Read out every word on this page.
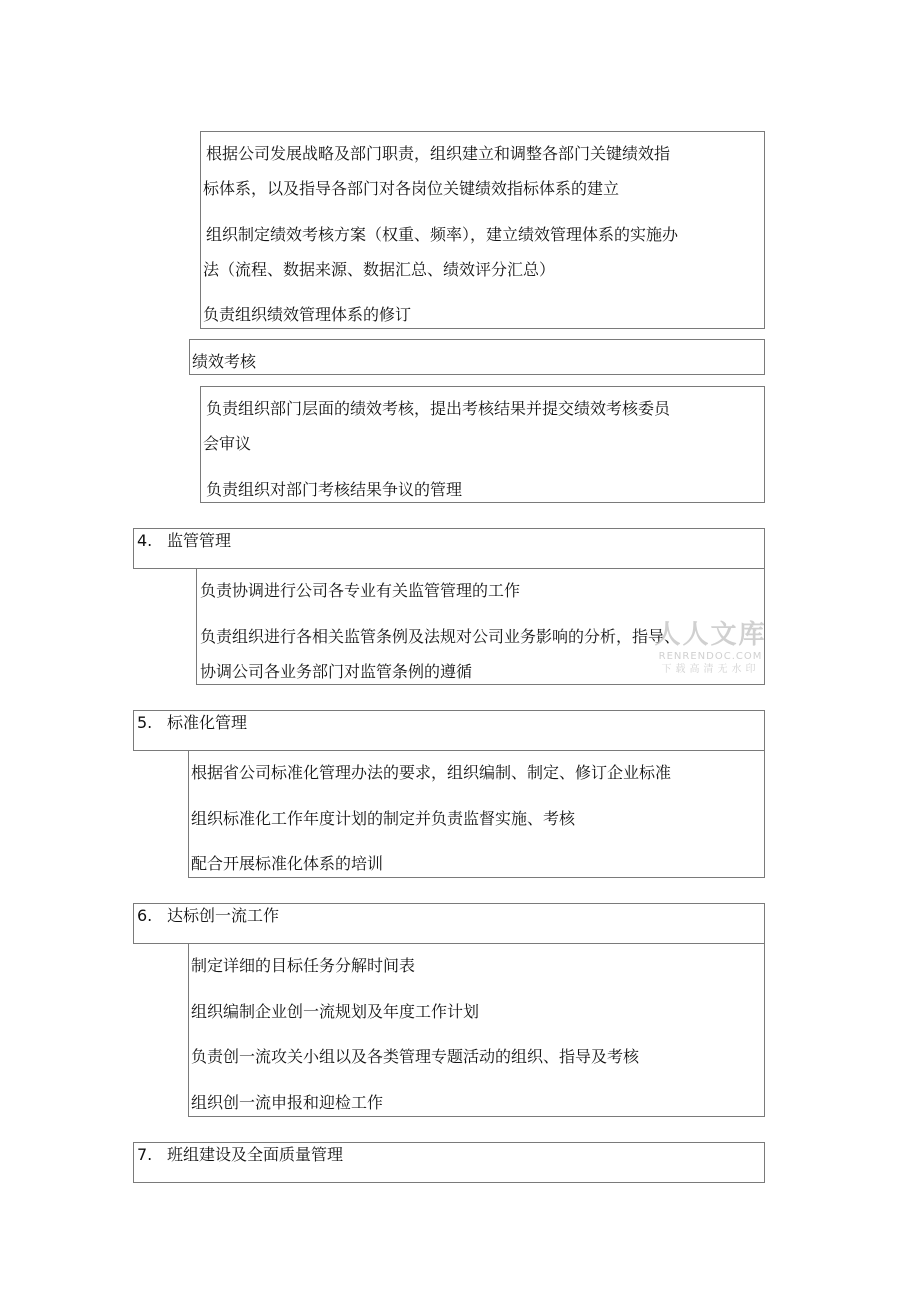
根据公司发展战略及部门职责，组织建立和调整各部门关键绩效指
标体系，以及指导各部门对各岗位关键绩效指标体系的建立
组织制定绩效考核方案（权重、频率），建立绩效管理体系的实施办
法（流程、数据来源、数据汇总、绩效评分汇总）
负责组织绩效管理体系的修订
绩效考核
负责组织部门层面的绩效考核，提出考核结果并提交绩效考核委员
会审议
负责组织对部门考核结果争议的管理
4. 监管管理
负责协调进行公司各专业有关监管管理的工作
负责组织进行各相关监管条例及法规对公司业务影响的分析，指导、
协调公司各业务部门对监管条例的遵循
人人文库
RENRENDOC.COM
下载高清无水印
5. 标准化管理
根据省公司标准化管理办法的要求，组织编制、制定、修订企业标准
组织标准化工作年度计划的制定并负责监督实施、考核
配合开展标准化体系的培训
6. 达标创一流工作
制定详细的目标任务分解时间表
组织编制企业创一流规划及年度工作计划
负责创一流攻关小组以及各类管理专题活动的组织、指导及考核
组织创一流申报和迎检工作
7. 班组建设及全面质量管理
